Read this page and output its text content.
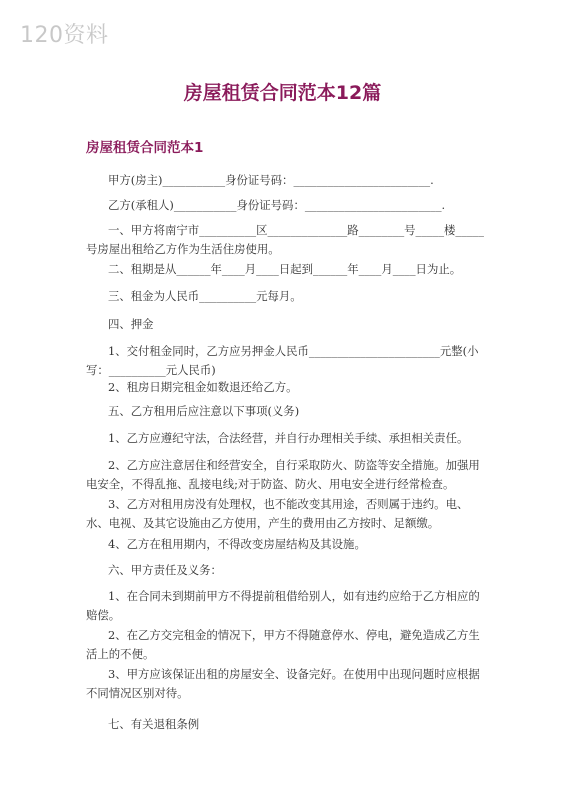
120资料
房屋租赁合同范本12篇
房屋租赁合同范本1
甲方(房主)___________身份证号码：________________________.
乙方(承租人)___________身份证号码：________________________.
一、甲方将南宁市__________区______________路________号_____楼_____号房屋出租给乙方作为生活住房使用。
二、租期是从______年____月____日起到______年____月____日为止。
三、租金为人民币__________元每月。
四、押金
1、交付租金同时，乙方应另押金人民币_______________________元整(小写：__________元人民币)
2、租房日期完租金如数退还给乙方。
五、乙方租用后应注意以下事项(义务)
1、乙方应遵纪守法，合法经营，并自行办理相关手续、承担相关责任。
2、乙方应注意居住和经营安全，自行采取防火、防盗等安全措施。加强用电安全，不得乱拖、乱接电线;对于防盗、防火、用电安全进行经常检查。
3、乙方对租用房没有处理权，也不能改变其用途，否则属于违约。电、水、电视、及其它设施由乙方使用，产生的费用由乙方按时、足额缴。
4、乙方在租用期内，不得改变房屋结构及其设施。
六、甲方责任及义务：
1、在合同未到期前甲方不得提前租借给别人，如有违约应给于乙方相应的赔偿。
2、在乙方交完租金的情况下，甲方不得随意停水、停电，避免造成乙方生活上的不便。
3、甲方应该保证出租的房屋安全、设备完好。在使用中出现问题时应根据不同情况区别对待。
七、有关退租条例
